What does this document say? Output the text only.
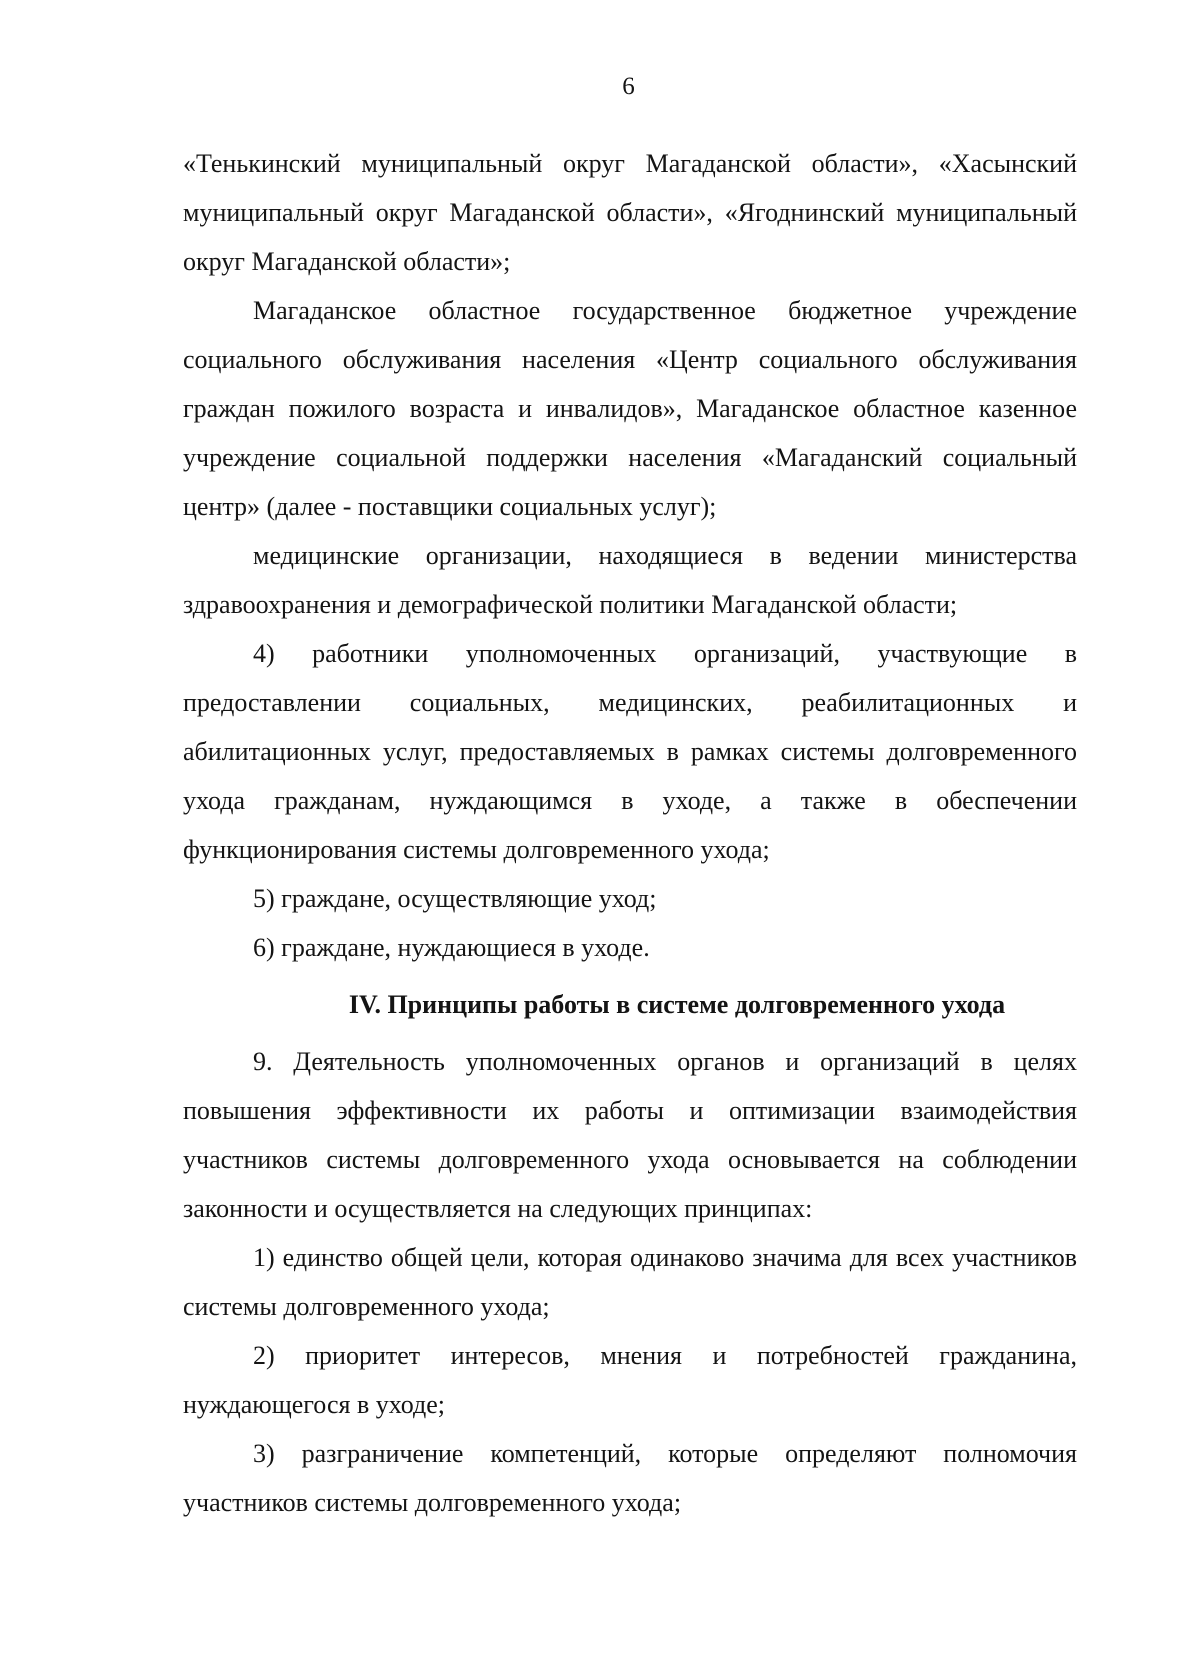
6

«Тенькинский муниципальный округ Магаданской области», «Хасынский муниципальный округ Магаданской области», «Ягоднинский муниципальный округ Магаданской области»;

Магаданское областное государственное бюджетное учреждение социального обслуживания населения «Центр социального обслуживания граждан пожилого возраста и инвалидов», Магаданское областное казенное учреждение социальной поддержки населения «Магаданский социальный центр» (далее - поставщики социальных услуг);

медицинские организации, находящиеся в ведении министерства здравоохранения и демографической политики Магаданской области;

4) работники уполномоченных организаций, участвующие в предоставлении социальных, медицинских, реабилитационных и абилитационных услуг, предоставляемых в рамках системы долговременного ухода гражданам, нуждающимся в уходе, а также в обеспечении функционирования системы долговременного ухода;

5) граждане, осуществляющие уход;

6) граждане, нуждающиеся в уходе.

IV. Принципы работы в системе долговременного ухода

9. Деятельность уполномоченных органов и организаций в целях повышения эффективности их работы и оптимизации взаимодействия участников системы долговременного ухода основывается на соблюдении законности и осуществляется на следующих принципах:

1) единство общей цели, которая одинаково значима для всех участников системы долговременного ухода;

2) приоритет интересов, мнения и потребностей гражданина, нуждающегося в уходе;

3) разграничение компетенций, которые определяют полномочия участников системы долговременного ухода;
